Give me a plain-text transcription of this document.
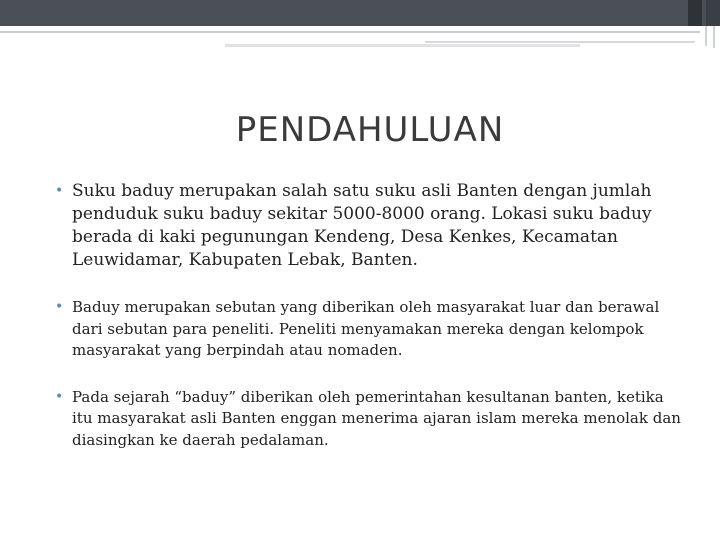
PENDAHULUAN
• Suku baduy merupakan salah satu suku asli Banten dengan jumlah penduduk suku baduy sekitar 5000-8000 orang. Lokasi suku baduy berada di kaki pegunungan Kendeng, Desa Kenkes, Kecamatan Leuwidamar, Kabupaten Lebak, Banten.
• Baduy merupakan sebutan yang diberikan oleh masyarakat luar dan berawal dari sebutan para peneliti. Peneliti menyamakan mereka dengan kelompok masyarakat yang berpindah atau nomaden.
• Pada sejarah “baduy” diberikan oleh pemerintahan kesultanan banten, ketika itu masyarakat asli Banten enggan menerima ajaran islam mereka menolak dan diasingkan ke daerah pedalaman.
